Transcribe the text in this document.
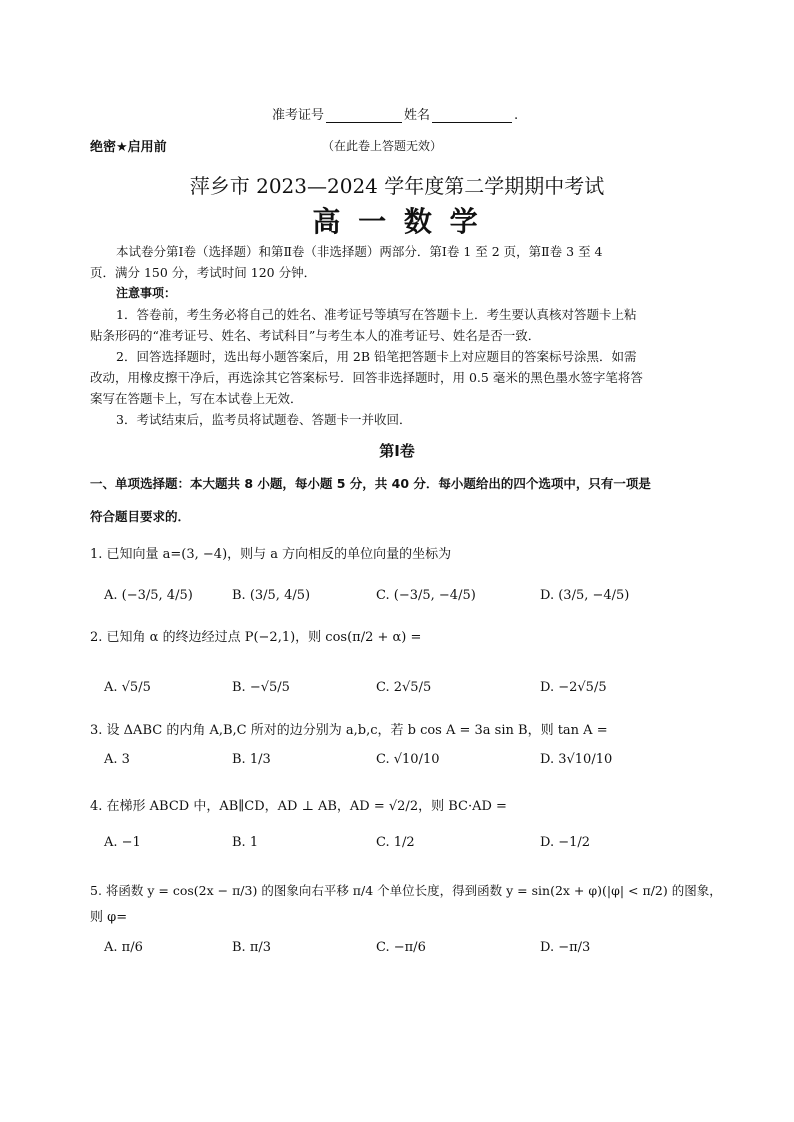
准考证号	姓名	.
绝密★启用前	（在此卷上答题无效）
萍乡市 2023—2024 学年度第二学期期中考试
高 一 数 学
本试卷分第Ⅰ卷（选择题）和第Ⅱ卷（非选择题）两部分．第Ⅰ卷 1 至 2 页，第Ⅱ卷 3 至 4
页．满分 150 分，考试时间 120 分钟．
注意事项：
1．答卷前，考生务必将自己的姓名、准考证号等填写在答题卡上．考生要认真核对答题卡上粘
贴条形码的“准考证号、姓名、考试科目”与考生本人的准考证号、姓名是否一致．
2．回答选择题时，选出每小题答案后，用 2B 铅笔把答题卡上对应题目的答案标号涂黑．如需
改动，用橡皮擦干净后，再选涂其它答案标号．回答非选择题时，用 0.5 毫米的黑色墨水签字笔将答
案写在答题卡上，写在本试卷上无效．
3．考试结束后，监考员将试题卷、答题卡一并收回．
第Ⅰ卷
一、单项选择题：本大题共 8 小题，每小题 5 分，共 40 分．每小题给出的四个选项中，只有一项是
符合题目要求的．
1. 已知向量 a=(3, −4)，则与 a 方向相反的单位向量的坐标为
A. (−3/5, 4/5)	B. (3/5, 4/5)	C. (−3/5, −4/5)	D. (3/5, −4/5)
2. 已知角 α 的终边经过点 P(−2,1)，则 cos(π/2 + α) =
A. √5/5	B. −√5/5	C. 2√5/5	D. −2√5/5
3. 设 ΔABC 的内角 A,B,C 所对的边分别为 a,b,c，若 b cos A = 3a sin B，则 tan A =
A. 3	B. 1/3	C. √10/10	D. 3√10/10
4. 在梯形 ABCD 中，AB∥CD，AD ⊥ AB，AD = √2/2，则 BC·AD =
A. −1	B. 1	C. 1/2	D. −1/2
5. 将函数 y = cos(2x − π/3) 的图象向右平移 π/4 个单位长度，得到函数 y = sin(2x + φ)(|φ| < π/2) 的图象，
则 φ=
A. π/6	B. π/3	C. −π/6	D. −π/3
